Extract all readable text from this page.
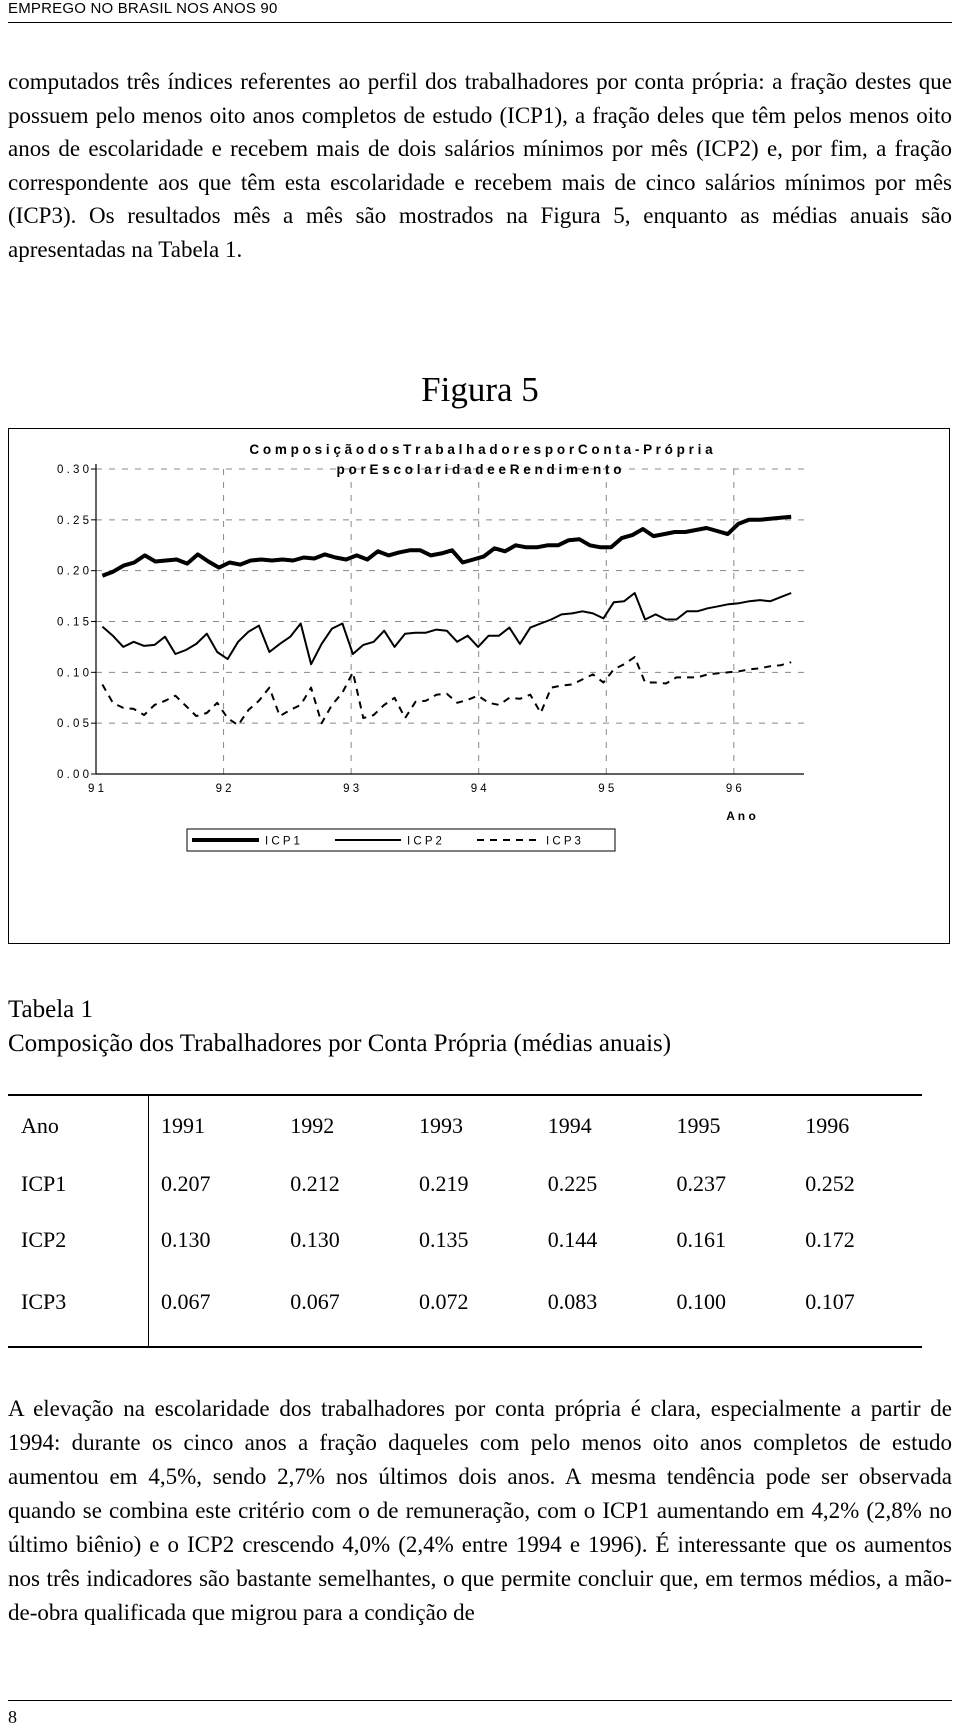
EMPREGO NO BRASIL NOS ANOS 90

computados três índices referentes ao perfil dos trabalhadores por conta própria: a fração destes que possuem pelo menos oito anos completos de estudo (ICP1), a fração deles que têm pelos menos oito anos de escolaridade e recebem mais de dois salários mínimos por mês (ICP2) e, por fim, a fração correspondente aos que têm esta escolaridade e recebem mais de cinco salários mínimos por mês (ICP3). Os resultados mês a mês são mostrados na Figura 5, enquanto as médias anuais são apresentadas na Tabela 1.

Figura 5
C o m p o s i ç ã o d o s T r a b a l h a d o r e s p o r C o n t a - P r ó p r i a
p o r E s c o l a r i d a d e e R e n d i m e n t o
0 . 3 0
0 . 2 5
0 . 2 0
0 . 1 5
0 . 1 0
0 . 0 5
0 . 0 0
9 1	9 2	9 3	9 4	9 5	9 6
A n o
I C P 1	I C P 2	I C P 3
Tabela 1
Composição dos Trabalhadores por Conta Própria (médias anuais)
Ano	1991	1992	1993	1994	1995	1996
ICP1	0.207	0.212	0.219	0.225	0.237	0.252
ICP2	0.130	0.130	0.135	0.144	0.161	0.172
ICP3	0.067	0.067	0.072	0.083	0.100	0.107

A elevação na escolaridade dos trabalhadores por conta própria é clara, especialmente a partir de 1994: durante os cinco anos a fração daqueles com pelo menos oito anos completos de estudo aumentou em 4,5%, sendo 2,7% nos últimos dois anos. A mesma tendência pode ser observada quando se combina este critério com o de remuneração, com o ICP1 aumentando em 4,2% (2,8% no último biênio) e o ICP2 crescendo 4,0% (2,4% entre 1994 e 1996). É interessante que os aumentos nos três indicadores são bastante semelhantes, o que permite concluir que, em termos médios, a mão-de-obra qualificada que migrou para a condição de

8
